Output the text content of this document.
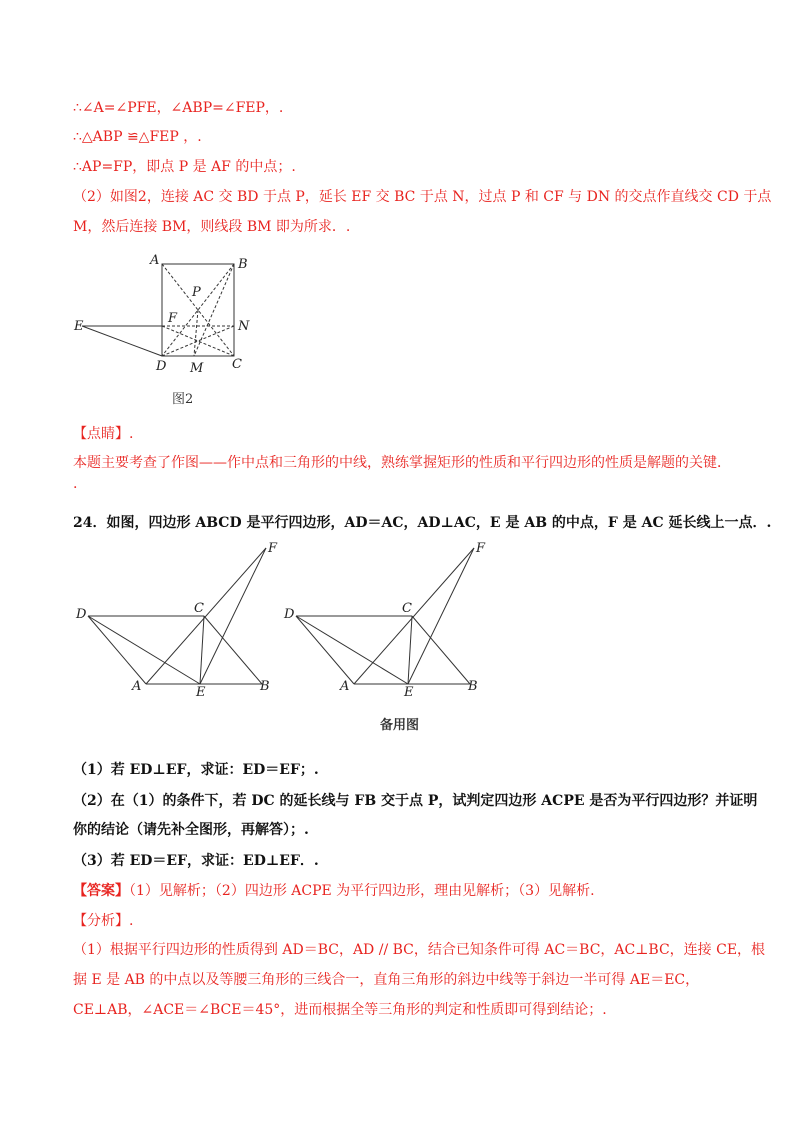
∴∠A=∠PFE，∠ABP=∠FEP，.
∴△ABP ≌△FEP ，.
∴AP=FP，即点 P 是 AF 的中点；.
（2）如图2，连接 AC 交 BD 于点 P，延长 EF 交 BC 于点 N，过点 P 和 CF 与 DN 的交点作直线交 CD 于点
M，然后连接 BM，则线段 BM 即为所求．.
A	B
P
E
F
N
D M C
图2
【点睛】.
本题主要考查了作图——作中点和三角形的中线，熟练掌握矩形的性质和平行四边形的性质是解题的关键．
.
24．如图，四边形 ABCD 是平行四边形，AD＝AC，AD⊥AC，E 是 AB 的中点，F 是 AC 延长线上一点．.
D	C
F
A	E	B
D	C
F
A	E	B
备用图
（1）若 ED⊥EF，求证：ED＝EF；.
（2）在（1）的条件下，若 DC 的延长线与 FB 交于点 P，试判定四边形 ACPE 是否为平行四边形？并证明
你的结论（请先补全图形，再解答）；.
（3）若 ED＝EF，求证：ED⊥EF．.
【答案】（1）见解析；（2）四边形 ACPE 为平行四边形，理由见解析；（3）见解析.
【分析】.
（1）根据平行四边形的性质得到 AD＝BC，AD // BC，结合已知条件可得 AC＝BC，AC⊥BC，连接 CE，根
据 E 是 AB 的中点以及等腰三角形的三线合一，直角三角形的斜边中线等于斜边一半可得 AE＝EC，
CE⊥AB，∠ACE＝∠BCE＝45°，进而根据全等三角形的判定和性质即可得到结论；.
